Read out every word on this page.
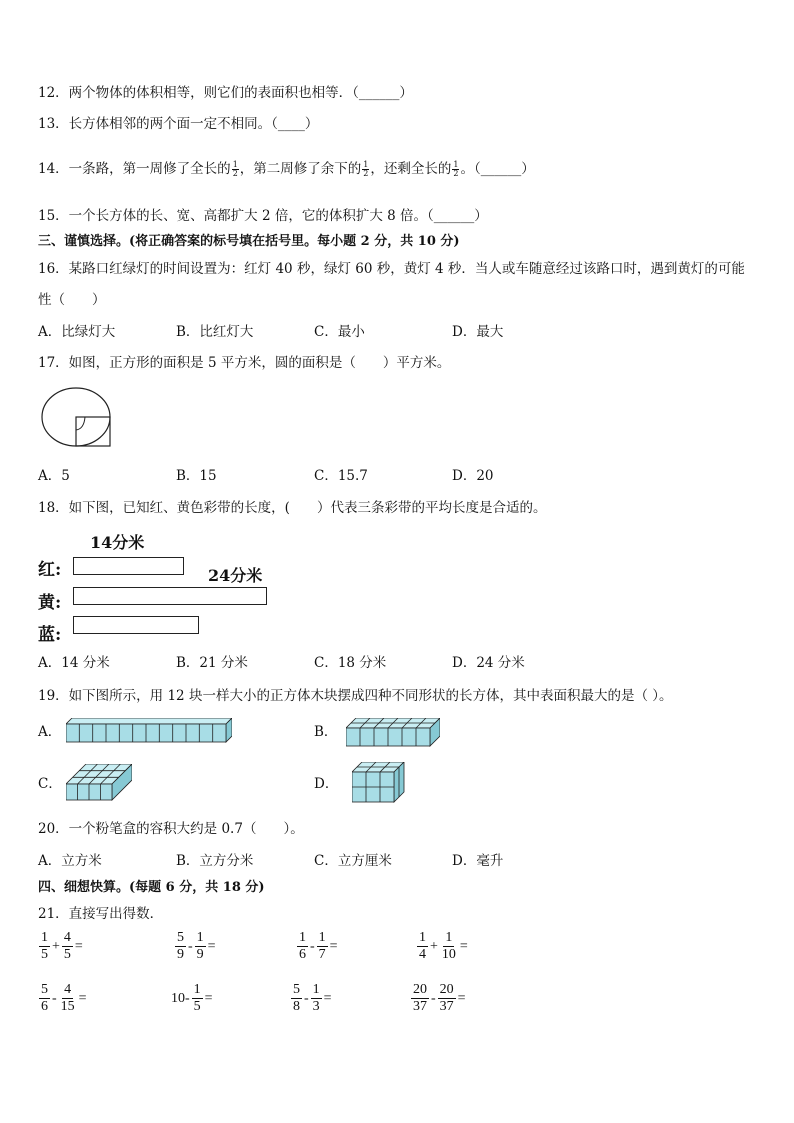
12．两个物体的体积相等，则它们的表面积也相等．（______）
13．长方体相邻的两个面一定不相同。（____）
14．一条路，第一周修了全长的 $\frac{1}{2}$ ，第二周修了余下的 $\frac{1}{2}$ ，还剩全长的 $\frac{1}{2}$ 。（______）
15．一个长方体的长、宽、高都扩大 2 倍，它的体积扩大 8 倍。（______）
三、谨慎选择。(将正确答案的标号填在括号里。每小题 2 分，共 10 分)
16．某路口红绿灯的时间设置为：红灯 40 秒，绿灯 60 秒，黄灯 4 秒．当人或车随意经过该路口时，遇到黄灯的可能
性（　　）
A．比绿灯大	B．比红灯大	C．最小	D．最大
17．如图，正方形的面积是 5 平方米，圆的面积是（　　）平方米。
A．5	B．15	C．15.7	D．20
18．如下图，已知红、黄色彩带的长度，(　　）代表三条彩带的平均长度是合适的。
14分米
24分米
红:
黄:
蓝:
A．14 分米	B．21 分米	C．18 分米	D．24 分米
19．如下图所示，用 12 块一样大小的正方体木块摆成四种不同形状的长方体，其中表面积最大的是（ ）。
A．	B．
C．	D．
20．一个粉笔盒的容积大约是 0.7（　　）。
A．立方米	B．立方分米	C．立方厘米	D．毫升
四、细想快算。(每题 6 分，共 18 分)
21．直接写出得数．
$\frac{1}{5} + \frac{4}{5}$ =	$\frac{5}{9} - \frac{1}{9}$ =	$\frac{1}{6} - \frac{1}{7}$ =	$\frac{1}{4} + \frac{1}{10}$ =
$\frac{5}{6} - \frac{4}{15}$ =	$10- \frac{1}{5}$ =	$\frac{5}{8} - \frac{1}{3}$ =	$\frac{20}{37} - \frac{20}{37}$ =
